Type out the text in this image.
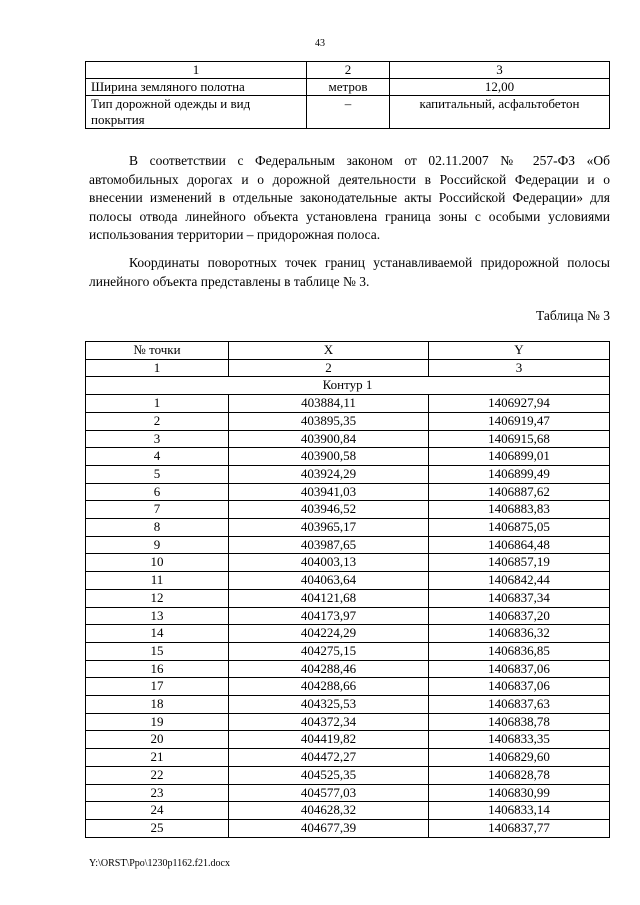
43
1	2	3
Ширина земляного полотна	метров	12,00
Тип дорожной одежды и вид покрытия	–	капитальный, асфальтобетон

В соответствии с Федеральным законом от 02.11.2007 № 257-ФЗ «Об автомобильных дорогах и о дорожной деятельности в Российской Федерации и о внесении изменений в отдельные законодательные акты Российской Федерации» для полосы отвода линейного объекта установлена граница зоны с особыми условиями использования территории – придорожная полоса.

Координаты поворотных точек границ устанавливаемой придорожной полосы линейного объекта представлены в таблице № 3.

Таблица № 3
№ точки	X	Y
1	2	3
Контур 1		
1	403884,11	1406927,94
2	403895,35	1406919,47
3	403900,84	1406915,68
4	403900,58	1406899,01
5	403924,29	1406899,49
6	403941,03	1406887,62
7	403946,52	1406883,83
8	403965,17	1406875,05
9	403987,65	1406864,48
10	404003,13	1406857,19
11	404063,64	1406842,44
12	404121,68	1406837,34
13	404173,97	1406837,20
14	404224,29	1406836,32
15	404275,15	1406836,85
16	404288,46	1406837,06
17	404288,66	1406837,06
18	404325,53	1406837,63
19	404372,34	1406838,78
20	404419,82	1406833,35
21	404472,27	1406829,60
22	404525,35	1406828,78
23	404577,03	1406830,99
24	404628,32	1406833,14
25	404677,39	1406837,77
Y:\ORST\Ppo\1230p1162.f21.docx
